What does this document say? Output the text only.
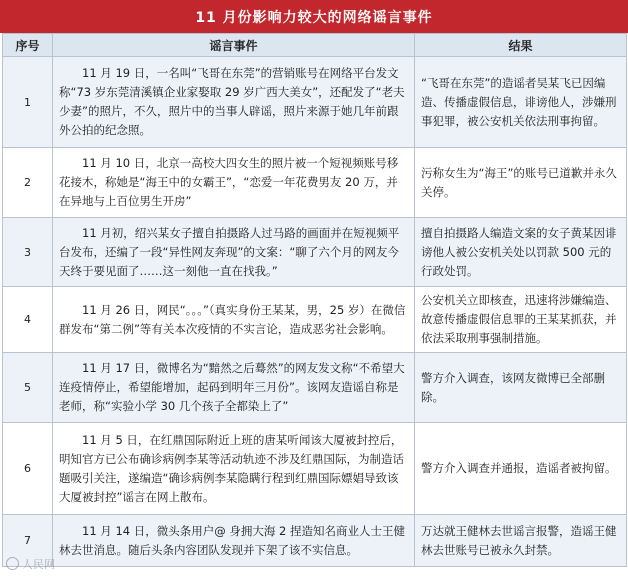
11 月份影响力较大的网络谣言事件
序号	谣言事件	结果
1	11 月 19 日，一名叫“飞哥在东莞”的营销账号在网络平台发文称“73 岁东莞清溪镇企业家娶取 29 岁广西大美女”，还配发了“老夫少妻”的照片，不久，照片中的当事人辟谣，照片来源于她几年前跟外公拍的纪念照。	“飞哥在东莞”的造谣者吴某飞已因编造、传播虚假信息，诽谤他人，涉嫌刑事犯罪，被公安机关依法刑事拘留。
2	11 月 10 日，北京一高校大四女生的照片被一个短视频账号移花接木，称她是“海王中的女霸王”，“恋爱一年花费男友 20 万，并在异地与上百位男生开房”	污称女生为“海王”的账号已道歉并永久关停。
3	11 月初，绍兴某女子擅自拍摄路人过马路的画面并在短视频平台发布，还编了一段“异性网友奔现”的文案：“聊了六个月的网友今天终于要见面了……这一刻他一直在找我。”	擅自拍摄路人编造文案的女子黄某因诽谤他人被公安机关处以罚款 500 元的行政处罚。
4	11 月 26 日，网民“。。。”（真实身份王某某，男，25 岁）在微信群发布“第二例”等有关本次疫情的不实言论，造成恶劣社会影响。	公安机关立即核查，迅速将涉嫌编造、故意传播虚假信息罪的王某某抓获，并依法采取刑事强制措施。
5	11 月 17 日，微博名为“黯然之后蓦然”的网友发文称“不希望大连疫情停止，希望能增加，起码到明年三月份”。该网友造谣自称是老师，称“实验小学 30 几个孩子全都染上了”	警方介入调查，该网友微博已全部删除。
6	11 月 5 日，在红鼎国际附近上班的唐某听闻该大厦被封控后，明知官方已公布确诊病例李某等活动轨迹不涉及红鼎国际，为制造话题吸引关注，遂编造“确诊病例李某隐瞒行程到红鼎国际嫖娼导致该大厦被封控”谣言在网上散布。	警方介入调查并通报，造谣者被拘留。
7	11 月 14 日，微头条用户@ 身拥大海 2 捏造知名商业人士王健林去世消息。随后头条内容团队发现并下架了该不实信息。	万达就王健林去世谣言报警，造谣王健林去世账号已被永久封禁。
人民网
